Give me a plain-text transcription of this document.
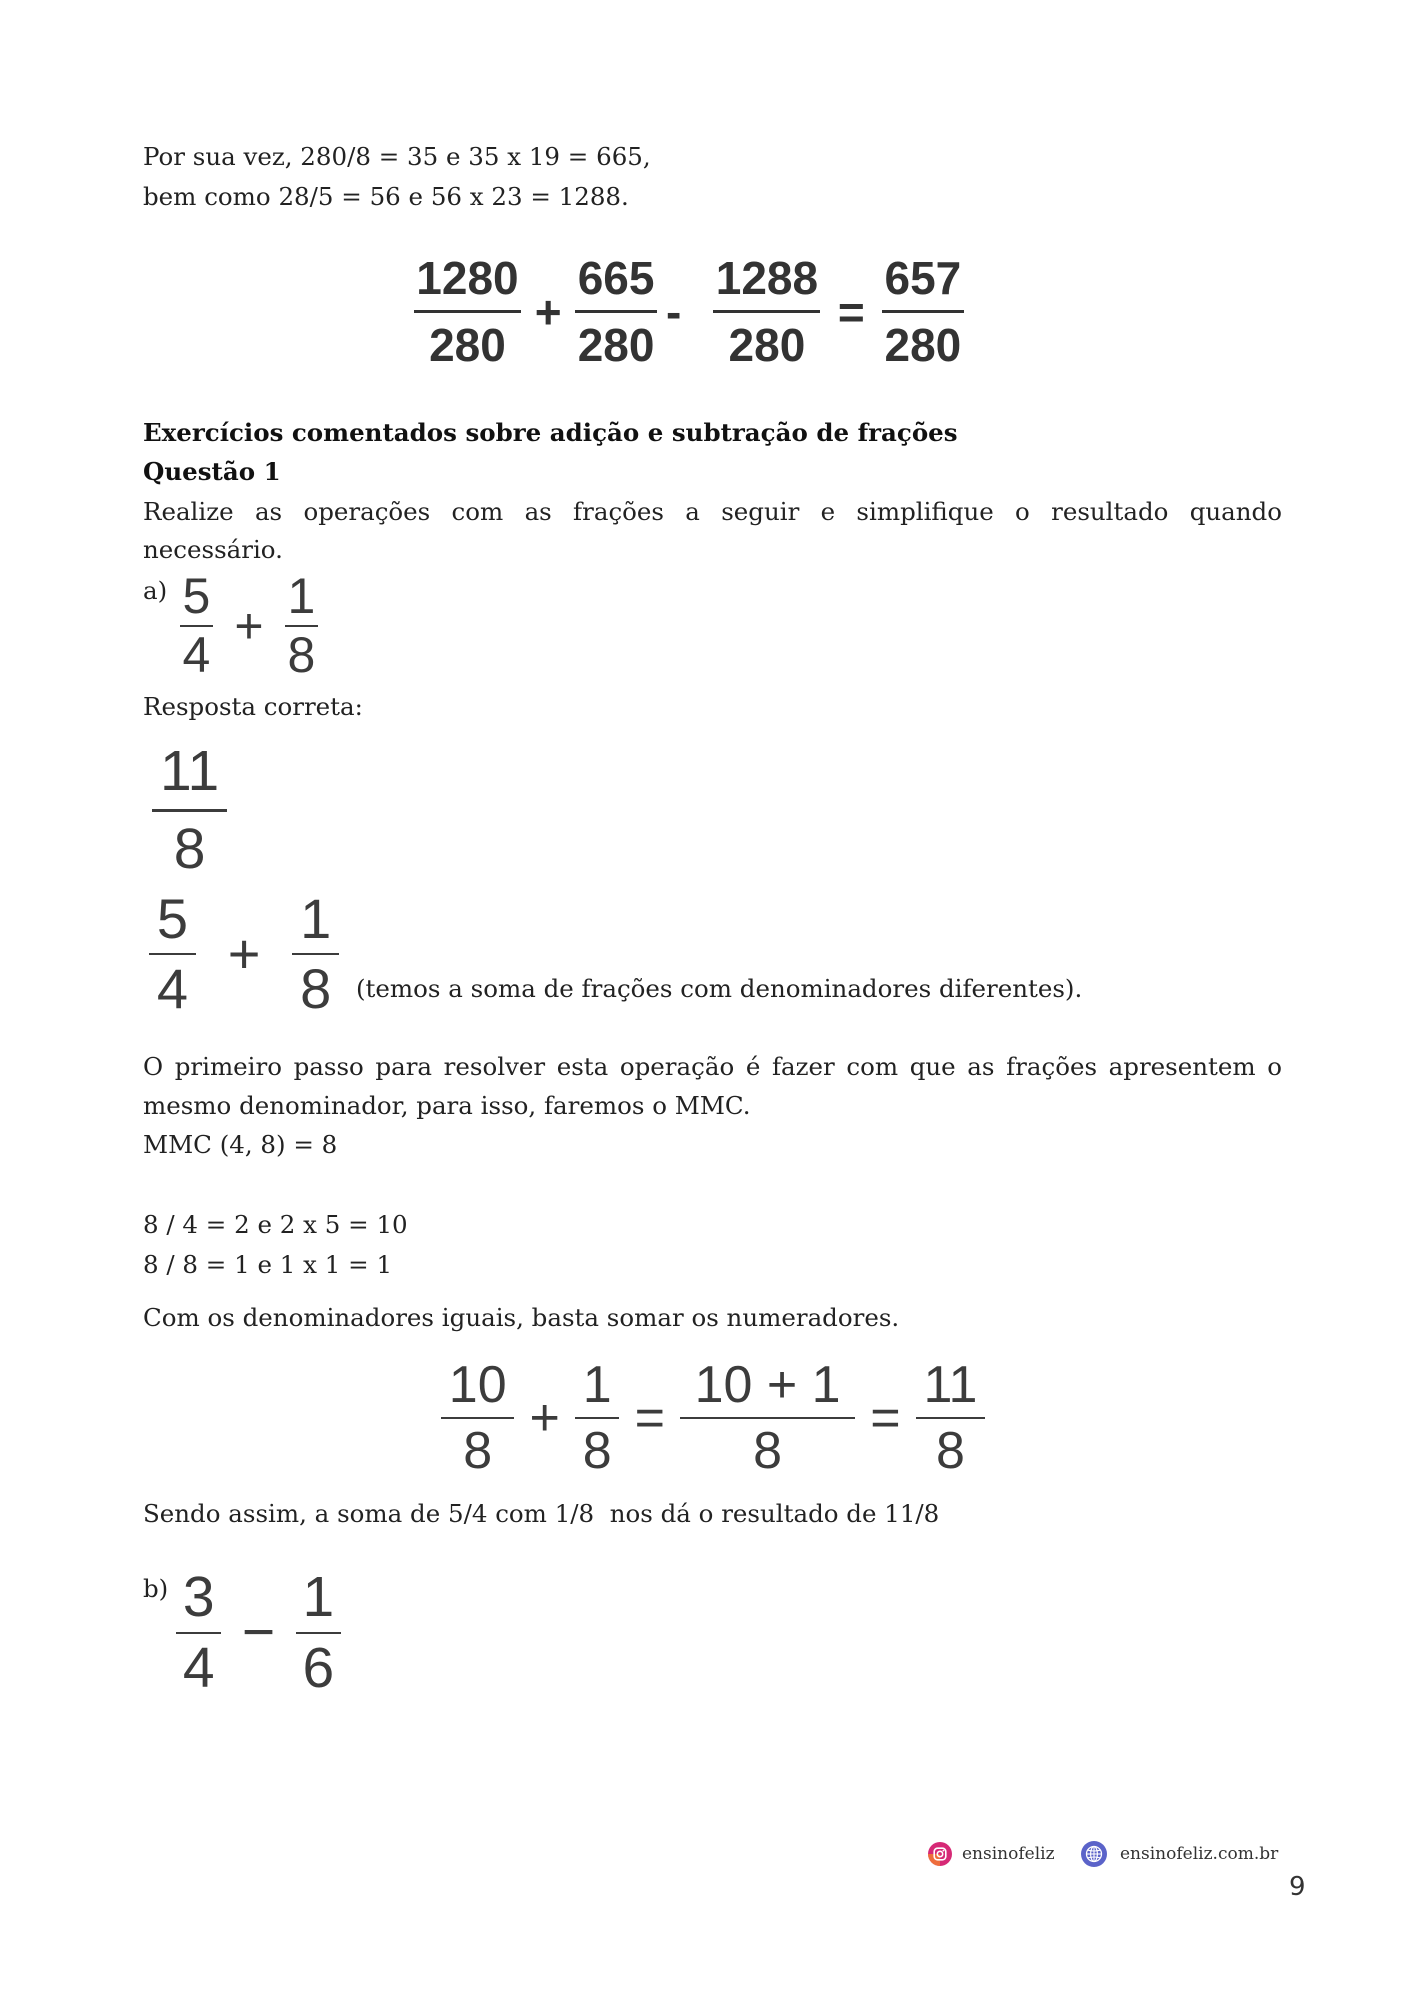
Por sua vez, 280/8 = 35 e 35 x 19 = 665,
bem como 28/5 = 56 e 56 x 23 = 1288.
$\frac{1280}{280} + \frac{665}{280} - \frac{1288}{280} = \frac{657}{280}$
Exercícios comentados sobre adição e subtração de frações
Questão 1
Realize as operações com as frações a seguir e simplifique o resultado quando
necessário.
$a) \frac{5}{4} + \frac{1}{8}$
Resposta correta:
$\frac{11}{8}$
$\frac{5}{4} + \frac{1}{8}$ (temos a soma de frações com denominadores diferentes).
O primeiro passo para resolver esta operação é fazer com que as frações apresentem o
mesmo denominador, para isso, faremos o MMC.
MMC (4, 8) = 8
8 / 4 = 2 e 2 x 5 = 10
8 / 8 = 1 e 1 x 1 = 1
Com os denominadores iguais, basta somar os numeradores.
$\frac{10}{8} + \frac{1}{8} = \frac{10 + 1}{8} = \frac{11}{8}$
Sendo assim, a soma de 5/4 com 1/8  nos dá o resultado de 11/8
$b) \frac{3}{4} - \frac{1}{6}$
ensinofeliz	ensinofeliz.com.br
9
